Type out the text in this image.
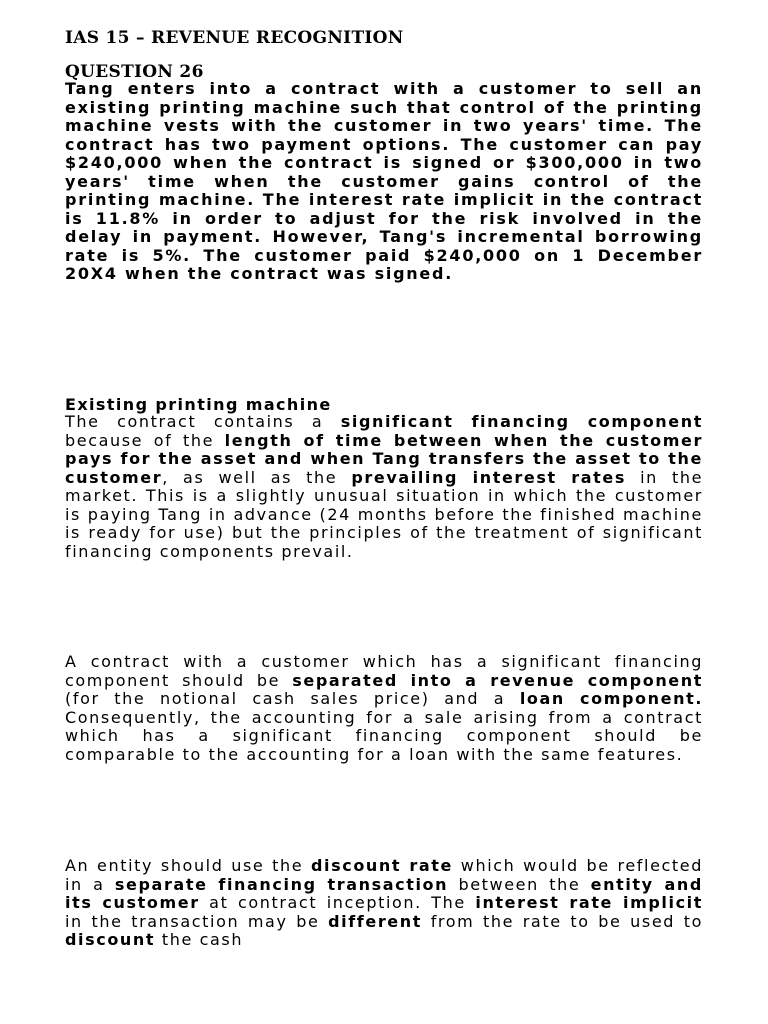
IAS 15 – REVENUE RECOGNITION
QUESTION 26

Tang enters into a contract with a customer to sell an existing printing machine such that control of the printing machine vests with the customer in two years' time. The contract has two payment options. The customer can pay $240,000 when the contract is signed or $300,000 in two years' time when the customer gains control of the printing machine. The interest rate implicit in the contract is 11.8% in order to adjust for the risk involved in the delay in payment. However, Tang's incremental borrowing rate is 5%. The customer paid $240,000 on 1 December 20X4 when the contract was signed.

Existing printing machine

The contract contains a significant financing component because of the length of time between when the customer pays for the asset and when Tang transfers the asset to the customer, as well as the prevailing interest rates in the market. This is a slightly unusual situation in which the customer is paying Tang in advance (24 months before the finished machine is ready for use) but the principles of the treatment of significant financing components prevail.

A contract with a customer which has a significant financing component should be separated into a revenue component (for the notional cash sales price) and a loan component. Consequently, the accounting for a sale arising from a contract which has a significant financing component should be comparable to the accounting for a loan with the same features.

An entity should use the discount rate which would be reflected in a separate financing transaction between the entity and its customer at contract inception. The interest rate implicit in the transaction may be different from the rate to be used to discount the cash
